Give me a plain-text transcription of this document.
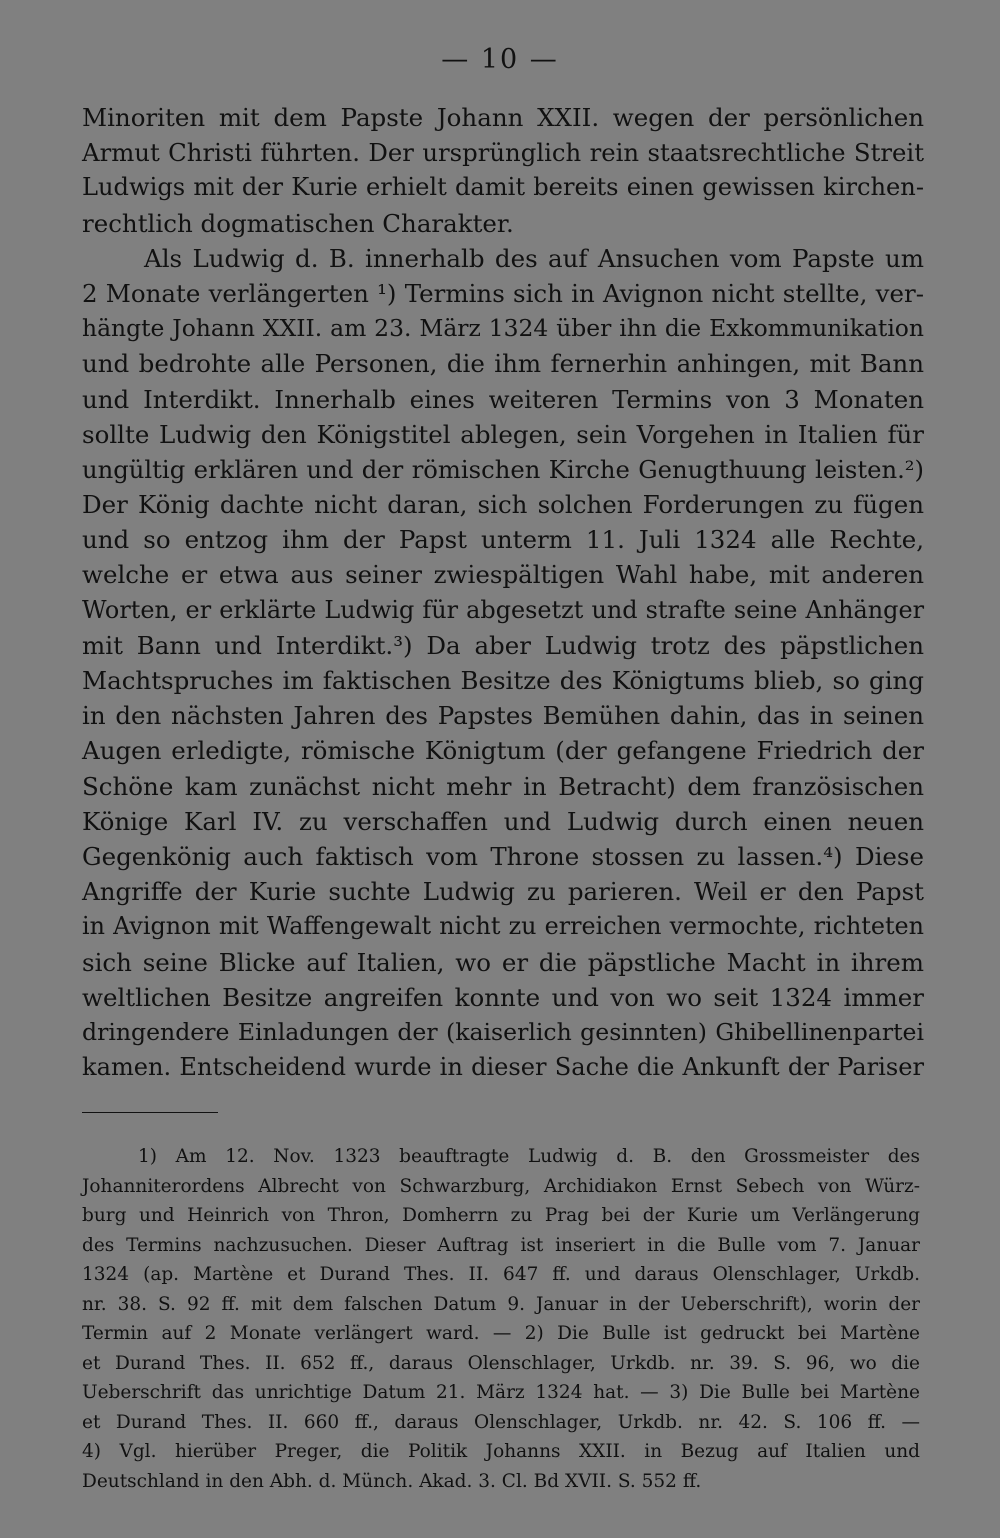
— 10 —
Minoriten mit dem Papste Johann XXII. wegen der persönlichen
Armut Christi führten. Der ursprünglich rein staatsrechtliche Streit
Ludwigs mit der Kurie erhielt damit bereits einen gewissen kirchen-
rechtlich dogmatischen Charakter.
Als Ludwig d. B. innerhalb des auf Ansuchen vom Papste um
2 Monate verlängerten ¹) Termins sich in Avignon nicht stellte, ver-
hängte Johann XXII. am 23. März 1324 über ihn die Exkommunikation
und bedrohte alle Personen, die ihm fernerhin anhingen, mit Bann
und Interdikt. Innerhalb eines weiteren Termins von 3 Monaten
sollte Ludwig den Königstitel ablegen, sein Vorgehen in Italien für
ungültig erklären und der römischen Kirche Genugthuung leisten.²)
Der König dachte nicht daran, sich solchen Forderungen zu fügen
und so entzog ihm der Papst unterm 11. Juli 1324 alle Rechte,
welche er etwa aus seiner zwiespältigen Wahl habe, mit anderen
Worten, er erklärte Ludwig für abgesetzt und strafte seine Anhänger
mit Bann und Interdikt.³) Da aber Ludwig trotz des päpstlichen
Machtspruches im faktischen Besitze des Königtums blieb, so ging
in den nächsten Jahren des Papstes Bemühen dahin, das in seinen
Augen erledigte, römische Königtum (der gefangene Friedrich der
Schöne kam zunächst nicht mehr in Betracht) dem französischen
Könige Karl IV. zu verschaffen und Ludwig durch einen neuen
Gegenkönig auch faktisch vom Throne stossen zu lassen.⁴) Diese
Angriffe der Kurie suchte Ludwig zu parieren. Weil er den Papst
in Avignon mit Waffengewalt nicht zu erreichen vermochte, richteten
sich seine Blicke auf Italien, wo er die päpstliche Macht in ihrem
weltlichen Besitze angreifen konnte und von wo seit 1324 immer
dringendere Einladungen der (kaiserlich gesinnten) Ghibellinenpartei
kamen. Entscheidend wurde in dieser Sache die Ankunft der Pariser
1) Am 12. Nov. 1323 beauftragte Ludwig d. B. den Grossmeister des
Johanniterordens Albrecht von Schwarzburg, Archidiakon Ernst Sebech von Würz-
burg und Heinrich von Thron, Domherrn zu Prag bei der Kurie um Verlängerung
des Termins nachzusuchen. Dieser Auftrag ist inseriert in die Bulle vom 7. Januar
1324 (ap. Martène et Durand Thes. II. 647 ff. und daraus Olenschlager, Urkdb.
nr. 38. S. 92 ff. mit dem falschen Datum 9. Januar in der Ueberschrift), worin der
Termin auf 2 Monate verlängert ward. — 2) Die Bulle ist gedruckt bei Martène
et Durand Thes. II. 652 ff., daraus Olenschlager, Urkdb. nr. 39. S. 96, wo die
Ueberschrift das unrichtige Datum 21. März 1324 hat. — 3) Die Bulle bei Martène
et Durand Thes. II. 660 ff., daraus Olenschlager, Urkdb. nr. 42. S. 106 ff. —
4) Vgl. hierüber Preger, die Politik Johanns XXII. in Bezug auf Italien und
Deutschland in den Abh. d. Münch. Akad. 3. Cl. Bd XVII. S. 552 ff.
